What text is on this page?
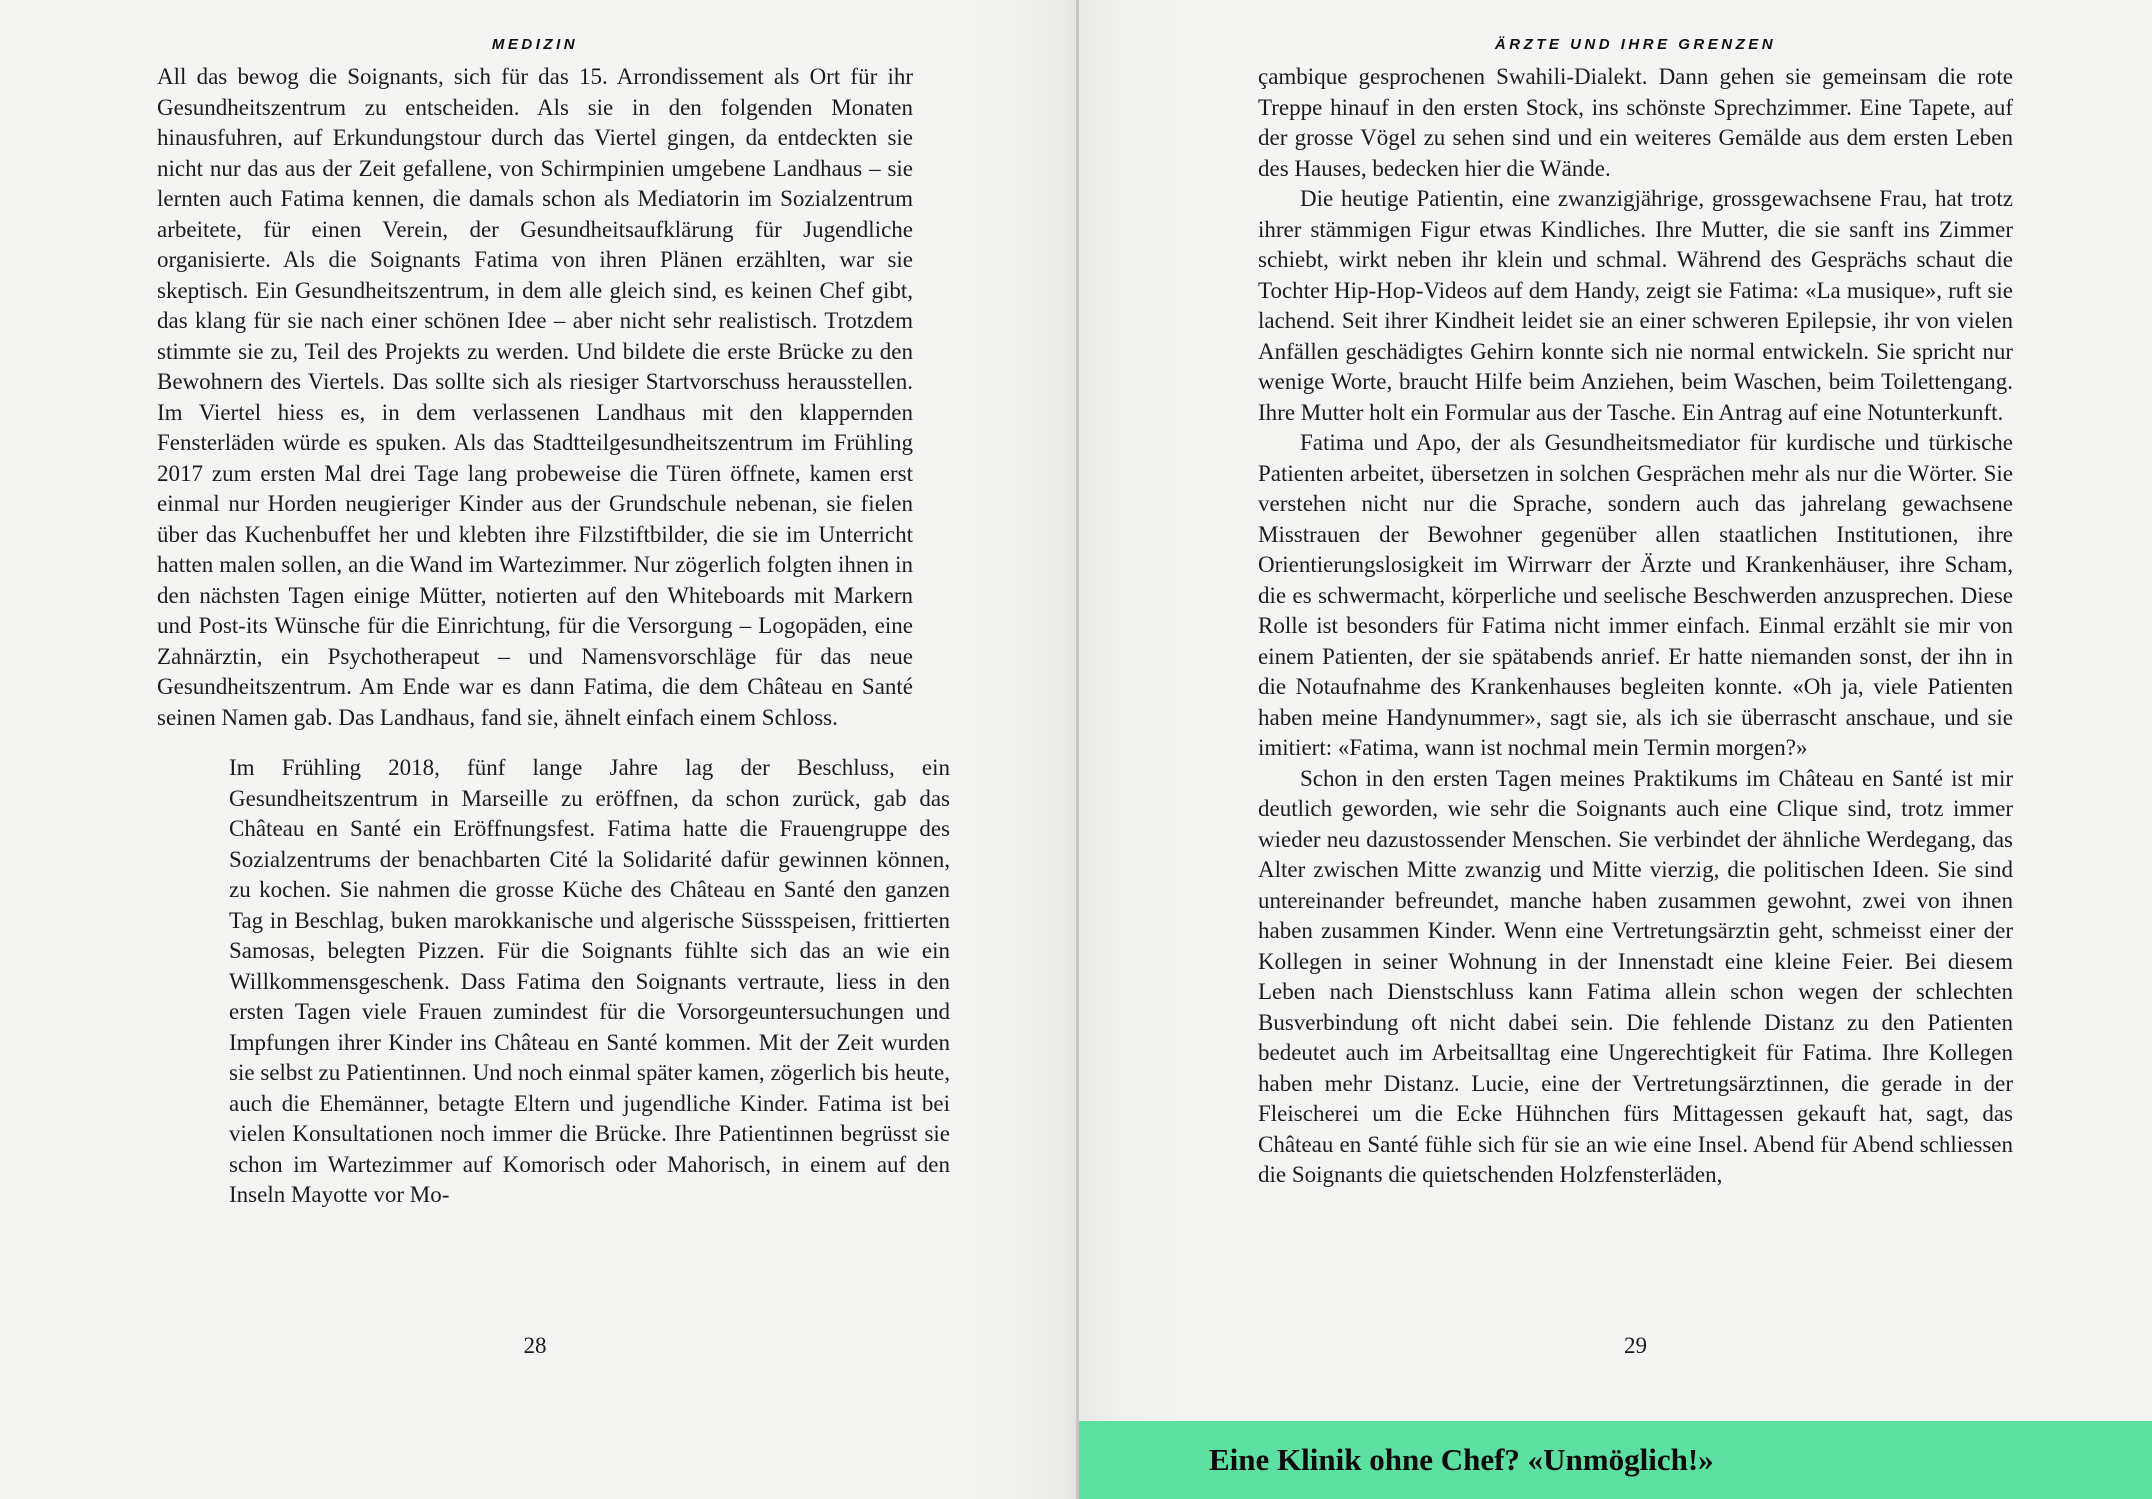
MEDIZIN

All das bewog die Soignants, sich für das 15. Arrondissement als Ort für ihr Gesundheitszentrum zu entscheiden. Als sie in den folgenden Monaten hinausfuhren, auf Erkundungstour durch das Viertel gingen, da entdeckten sie nicht nur das aus der Zeit gefallene, von Schirmpinien umgebene Landhaus – sie lernten auch Fatima kennen, die damals schon als Mediatorin im Sozialzentrum arbeitete, für einen Verein, der Gesundheitsaufklärung für Jugendliche organisierte. Als die Soignants Fatima von ihren Plänen erzählten, war sie skeptisch. Ein Gesundheitszentrum, in dem alle gleich sind, es keinen Chef gibt, das klang für sie nach einer schönen Idee – aber nicht sehr realistisch. Trotzdem stimmte sie zu, Teil des Projekts zu werden. Und bildete die erste Brücke zu den Bewohnern des Viertels. Das sollte sich als riesiger Startvorschuss herausstellen. Im Viertel hiess es, in dem verlassenen Landhaus mit den klappernden Fensterläden würde es spuken. Als das Stadtteilgesundheitszentrum im Frühling 2017 zum ersten Mal drei Tage lang probeweise die Türen öffnete, kamen erst einmal nur Horden neugieriger Kinder aus der Grundschule nebenan, sie fielen über das Kuchenbuffet her und klebten ihre Filzstiftbilder, die sie im Unterricht hatten malen sollen, an die Wand im Wartezimmer. Nur zögerlich folgten ihnen in den nächsten Tagen einige Mütter, notierten auf den Whiteboards mit Markern und Post-its Wünsche für die Einrichtung, für die Versorgung – Logopäden, eine Zahnärztin, ein Psychotherapeut – und Namensvorschläge für das neue Gesundheitszentrum. Am Ende war es dann Fatima, die dem Château en Santé seinen Namen gab. Das Landhaus, fand sie, ähnelt einfach einem Schloss.

Im Frühling 2018, fünf lange Jahre lag der Beschluss, ein Gesundheitszentrum in Marseille zu eröffnen, da schon zurück, gab das Château en Santé ein Eröffnungsfest. Fatima hatte die Frauengruppe des Sozialzentrums der benachbarten Cité la Solidarité dafür gewinnen können, zu kochen. Sie nahmen die grosse Küche des Château en Santé den ganzen Tag in Beschlag, buken marokkanische und algerische Süssspeisen, frittierten Samosas, belegten Pizzen. Für die Soignants fühlte sich das an wie ein Willkommensgeschenk. Dass Fatima den Soignants vertraute, liess in den ersten Tagen viele Frauen zumindest für die Vorsorgeuntersuchungen und Impfungen ihrer Kinder ins Château en Santé kommen. Mit der Zeit wurden sie selbst zu Patientinnen. Und noch einmal später kamen, zögerlich bis heute, auch die Ehemänner, betagte Eltern und jugendliche Kinder. Fatima ist bei vielen Konsultationen noch immer die Brücke. Ihre Patientinnen begrüsst sie schon im Wartezimmer auf Komorisch oder Mahorisch, in einem auf den Inseln Mayotte vor Mo-

28
ÄRZTE UND IHRE GRENZEN

çambique gesprochenen Swahili-Dialekt. Dann gehen sie gemeinsam die rote Treppe hinauf in den ersten Stock, ins schönste Sprechzimmer. Eine Tapete, auf der grosse Vögel zu sehen sind und ein weiteres Gemälde aus dem ersten Leben des Hauses, bedecken hier die Wände.

Die heutige Patientin, eine zwanzigjährige, grossgewachsene Frau, hat trotz ihrer stämmigen Figur etwas Kindliches. Ihre Mutter, die sie sanft ins Zimmer schiebt, wirkt neben ihr klein und schmal. Während des Gesprächs schaut die Tochter Hip-Hop-Videos auf dem Handy, zeigt sie Fatima: «La musique», ruft sie lachend. Seit ihrer Kindheit leidet sie an einer schweren Epilepsie, ihr von vielen Anfällen geschädigtes Gehirn konnte sich nie normal entwickeln. Sie spricht nur wenige Worte, braucht Hilfe beim Anziehen, beim Waschen, beim Toilettengang. Ihre Mutter holt ein Formular aus der Tasche. Ein Antrag auf eine Notunterkunft.

Fatima und Apo, der als Gesundheitsmediator für kurdische und türkische Patienten arbeitet, übersetzen in solchen Gesprächen mehr als nur die Wörter. Sie verstehen nicht nur die Sprache, sondern auch das jahrelang gewachsene Misstrauen der Bewohner gegenüber allen staatlichen Institutionen, ihre Orientierungslosigkeit im Wirrwarr der Ärzte und Krankenhäuser, ihre Scham, die es schwermacht, körperliche und seelische Beschwerden anzusprechen. Diese Rolle ist besonders für Fatima nicht immer einfach. Einmal erzählt sie mir von einem Patienten, der sie spätabends anrief. Er hatte niemanden sonst, der ihn in die Notaufnahme des Krankenhauses begleiten konnte. «Oh ja, viele Patienten haben meine Handynummer», sagt sie, als ich sie überrascht anschaue, und sie imitiert: «Fatima, wann ist nochmal mein Termin morgen?»

Schon in den ersten Tagen meines Praktikums im Château en Santé ist mir deutlich geworden, wie sehr die Soignants auch eine Clique sind, trotz immer wieder neu dazustossender Menschen. Sie verbindet der ähnliche Werdegang, das Alter zwischen Mitte zwanzig und Mitte vierzig, die politischen Ideen. Sie sind untereinander befreundet, manche haben zusammen gewohnt, zwei von ihnen haben zusammen Kinder. Wenn eine Vertretungsärztin geht, schmeisst einer der Kollegen in seiner Wohnung in der Innenstadt eine kleine Feier. Bei diesem Leben nach Dienstschluss kann Fatima allein schon wegen der schlechten Busverbindung oft nicht dabei sein. Die fehlende Distanz zu den Patienten bedeutet auch im Arbeitsalltag eine Ungerechtigkeit für Fatima. Ihre Kollegen haben mehr Distanz. Lucie, eine der Vertretungsärztinnen, die gerade in der Fleischerei um die Ecke Hühnchen fürs Mittagessen gekauft hat, sagt, das Château en Santé fühle sich für sie an wie eine Insel. Abend für Abend schliessen die Soignants die quietschenden Holzfensterläden,

29
Eine Klinik ohne Chef? «Unmöglich!»
